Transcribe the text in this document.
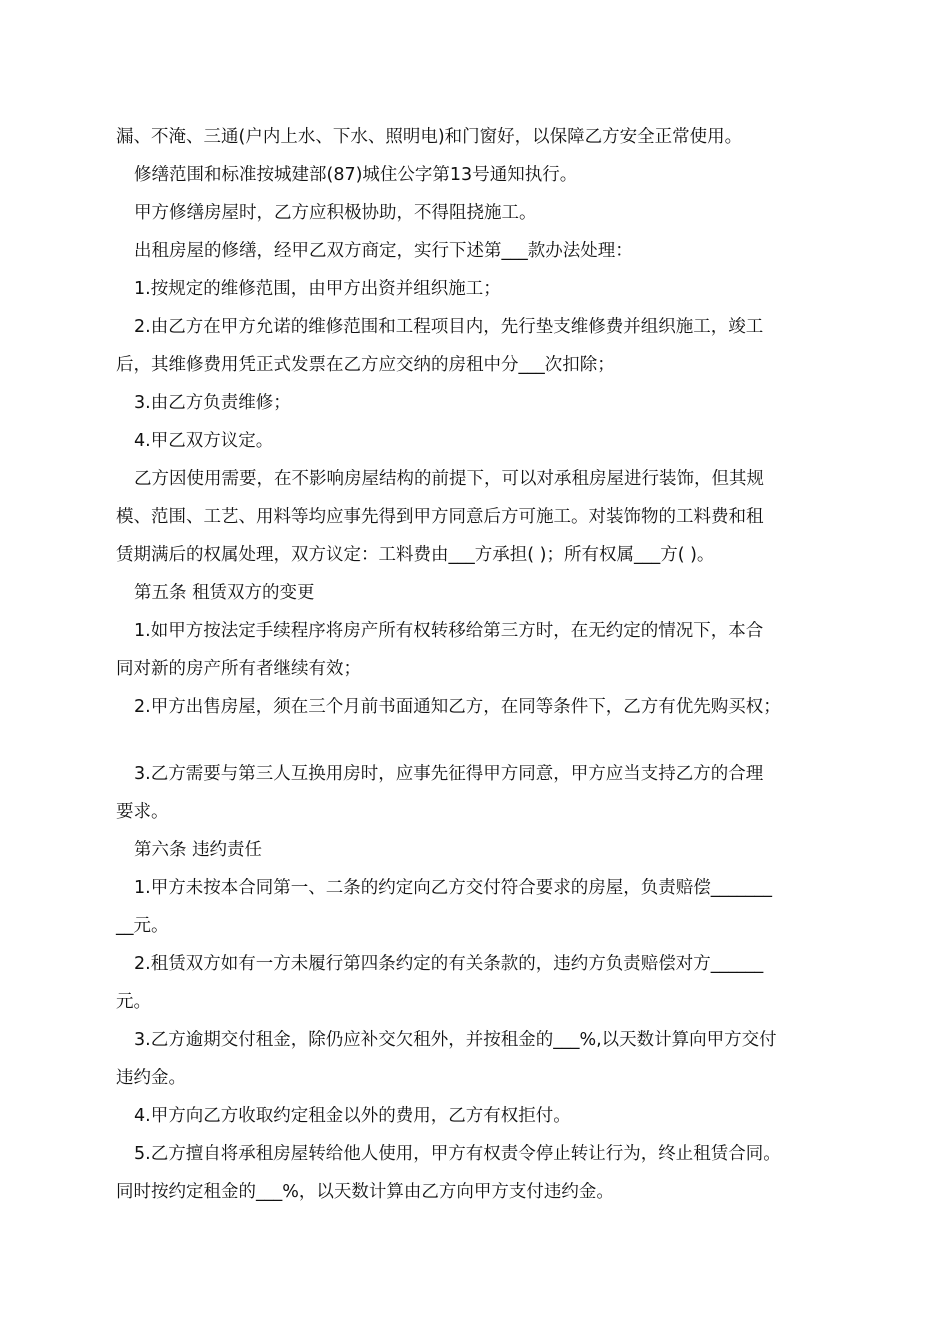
漏、不淹、三通(户内上水、下水、照明电)和门窗好，以保障乙方安全正常使用。
修缮范围和标准按城建部(87)城住公字第13号通知执行。
甲方修缮房屋时，乙方应积极协助，不得阻挠施工。
出租房屋的修缮，经甲乙双方商定，实行下述第___款办法处理：
1.按规定的维修范围，由甲方出资并组织施工；
2.由乙方在甲方允诺的维修范围和工程项目内，先行垫支维修费并组织施工，竣工
后，其维修费用凭正式发票在乙方应交纳的房租中分___次扣除；
3.由乙方负责维修；
4.甲乙双方议定。
乙方因使用需要，在不影响房屋结构的前提下，可以对承租房屋进行装饰，但其规
模、范围、工艺、用料等均应事先得到甲方同意后方可施工。对装饰物的工料费和租
赁期满后的权属处理，双方议定：工料费由___方承担( )；所有权属___方( )。
第五条 租赁双方的变更
1.如甲方按法定手续程序将房产所有权转移给第三方时，在无约定的情况下，本合
同对新的房产所有者继续有效；
2.甲方出售房屋，须在三个月前书面通知乙方，在同等条件下，乙方有优先购买权；
3.乙方需要与第三人互换用房时，应事先征得甲方同意，甲方应当支持乙方的合理
要求。
第六条 违约责任
1.甲方未按本合同第一、二条的约定向乙方交付符合要求的房屋，负责赔偿_______
__元。
2.租赁双方如有一方未履行第四条约定的有关条款的，违约方负责赔偿对方______
元。
3.乙方逾期交付租金，除仍应补交欠租外，并按租金的___%,以天数计算向甲方交付
违约金。
4.甲方向乙方收取约定租金以外的费用，乙方有权拒付。
5.乙方擅自将承租房屋转给他人使用，甲方有权责令停止转让行为，终止租赁合同。
同时按约定租金的___%，以天数计算由乙方向甲方支付违约金。
